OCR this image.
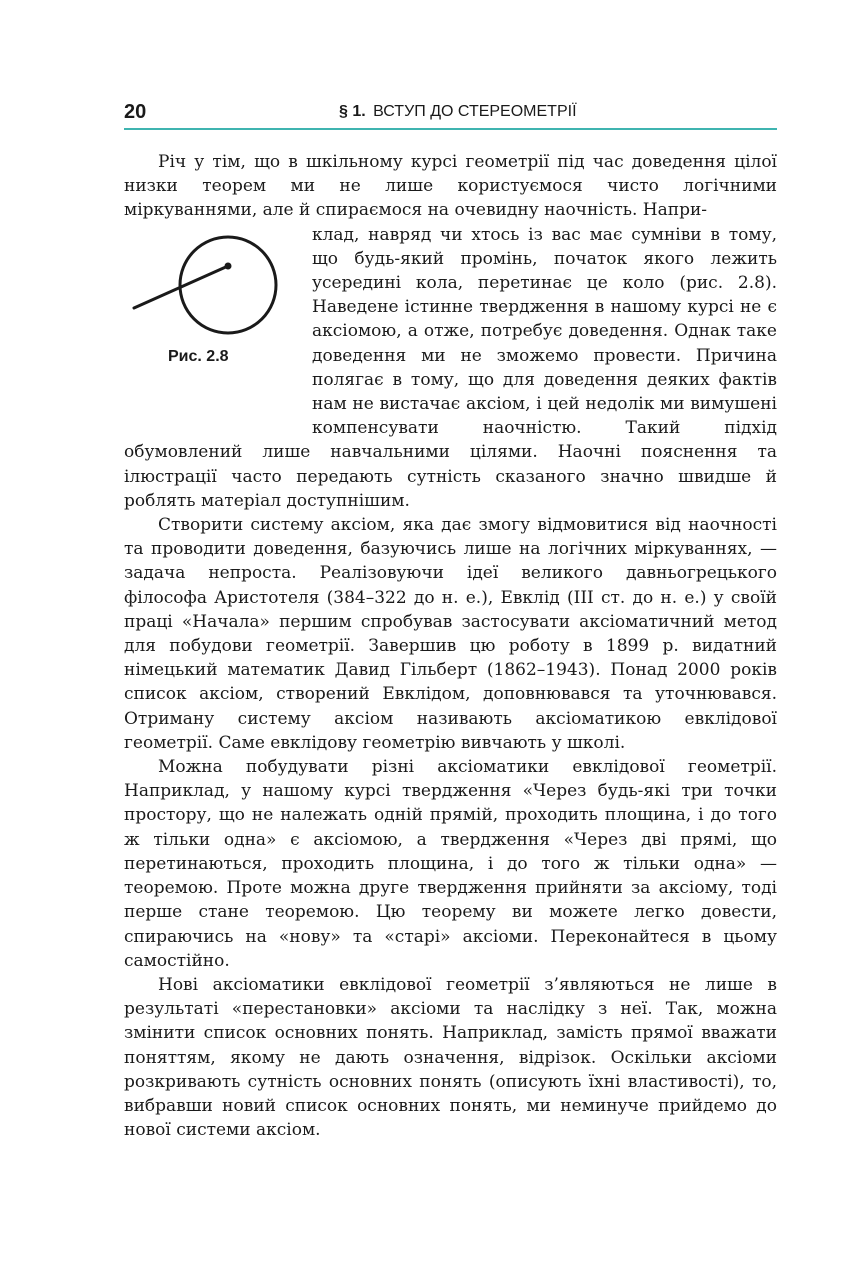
20	§ 1. ВСТУП ДО СТЕРЕОМЕТРІЇ

Річ у тім, що в шкільному курсі геометрії під час доведення цілої низки теорем ми не лише користуємося чисто логічними міркуваннями, але й спираємося на очевидну наочність. Напри-

Рис. 2.8

клад, навряд чи хтось із вас має сумніви в тому, що будь-який промінь, початок якого лежить усередині кола, перетинає це коло (рис. 2.8). Наведене істинне твердження в нашому курсі не є аксіомою, а отже, потребує доведення. Однак таке доведення ми не зможемо провести. Причина полягає в тому, що для доведення деяких фактів нам не вистачає аксіом, і цей недолік ми вимушені компенсувати наочністю. Такий підхід обумовлений лише навчальними цілями. Наочні пояснення та ілюстрації часто передають сутність сказаного значно швидше й роблять матеріал доступнішим.

Створити систему аксіом, яка дає змогу відмовитися від наочності та проводити доведення, базуючись лише на логічних міркуваннях, — задача непроста. Реалізовуючи ідеї великого давньогрецького філософа Аристотеля (384–322 до н. е.), Евклід (ІІІ ст. до н. е.) у своїй праці «Начала» першим спробував застосувати аксіоматичний метод для побудови геометрії. Завершив цю роботу в 1899 р. видатний німецький математик Давид Гільберт (1862–1943). Понад 2000 років список аксіом, створений Евклідом, доповнювався та уточнювався. Отриману систему аксіом називають аксіоматикою евклідової геометрії. Саме евклідову геометрію вивчають у школі.

Можна побудувати різні аксіоматики евклідової геометрії. Наприклад, у нашому курсі твердження «Через будь-які три точки простору, що не належать одній прямій, проходить площина, і до того ж тільки одна» є аксіомою, а твердження «Через дві прямі, що перетинаються, проходить площина, і до того ж тільки одна» — теоремою. Проте можна друге твердження прийняти за аксіому, тоді перше стане теоремою. Цю теорему ви можете легко довести, спираючись на «нову» та «старі» аксіоми. Переконайтеся в цьому самостійно.

Нові аксіоматики евклідової геометрії з’являються не лише в результаті «перестановки» аксіоми та наслідку з неї. Так, можна змінити список основних понять. Наприклад, замість прямої вважати поняттям, якому не дають означення, відрізок. Оскільки аксіоми розкривають сутність основних понять (описують їхні властивості), то, вибравши новий список основних понять, ми неминуче прийдемо до нової системи аксіом.
